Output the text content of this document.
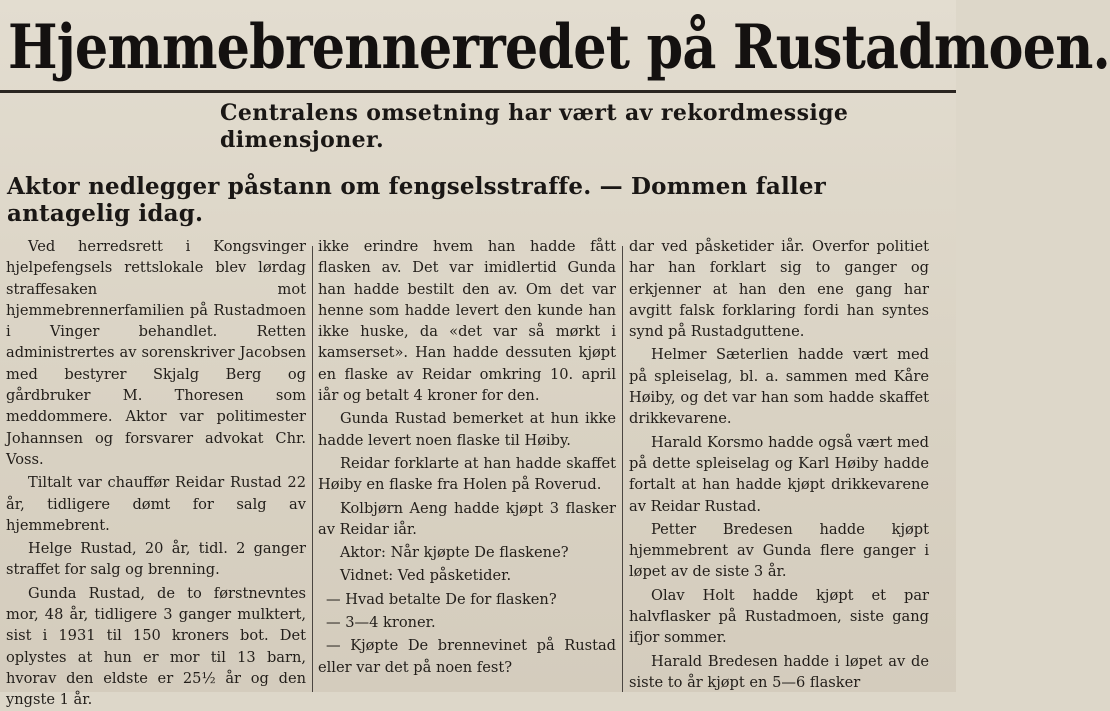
Hjemmebrennerredet på Rustadmoen.
Centralens omsetning har vært av rekordmessige dimensjoner.
Aktor nedlegger påstann om fengselsstraffe. — Dommen faller antagelig idag.

Ved herredsrett i Kongsvinger hjelpefengsels rettslokale blev lørdag straffesaken mot hjemmebrennerfamilien på Rustadmoen i Vinger behandlet. Retten administrertes av sorenskriver Jacobsen med bestyrer Skjalg Berg og gårdbruker M. Thoresen som meddommere. Aktor var politimester Johannsen og forsvarer advokat Chr. Voss.

Tiltalt var chauffør Reidar Rustad 22 år, tidligere dømt for salg av hjemmebrent.

Helge Rustad, 20 år, tidl. 2 ganger straffet for salg og brenning.

Gunda Rustad, de to førstnevntes mor, 48 år, tidligere 3 ganger mulktert, sist i 1931 til 150 kroners bot. Det oplystes at hun er mor til 13 barn, hvorav den eldste er 25½ år og den yngste 1 år.

ikke erindre hvem han hadde fått flasken av. Det var imidlertid Gunda han hadde bestilt den av. Om det var henne som hadde levert den kunde han ikke huske, da «det var så mørkt i kamserset». Han hadde dessuten kjøpt en flaske av Reidar omkring 10. april iår og betalt 4 kroner for den.

Gunda Rustad bemerket at hun ikke hadde levert noen flaske til Høiby.

Reidar forklarte at han hadde skaffet Høiby en flaske fra Holen på Roverud.

Kolbjørn Aeng hadde kjøpt 3 flasker av Reidar iår.

Aktor: Når kjøpte De flaskene?

Vidnet: Ved påsketider.

— Hvad betalte De for flasken?

— 3—4 kroner.

— Kjøpte De brennevinet på Rustad eller var det på noen fest?

dar ved påsketider iår. Overfor politiet har han forklart sig to ganger og erkjenner at han den ene gang har avgitt falsk forklaring fordi han syntes synd på Rustadguttene.

Helmer Sæterlien hadde vært med på spleiselag, bl. a. sammen med Kåre Høiby, og det var han som hadde skaffet drikkevarene.

Harald Korsmo hadde også vært med på dette spleiselag og Karl Høiby hadde fortalt at han hadde kjøpt drikkevarene av Reidar Rustad.

Petter Bredesen hadde kjøpt hjemmebrent av Gunda flere ganger i løpet av de siste 3 år.

Olav Holt hadde kjøpt et par halvflasker på Rustadmoen, siste gang ifjor sommer.

Harald Bredesen hadde i løpet av de siste to år kjøpt en 5—6 flasker
